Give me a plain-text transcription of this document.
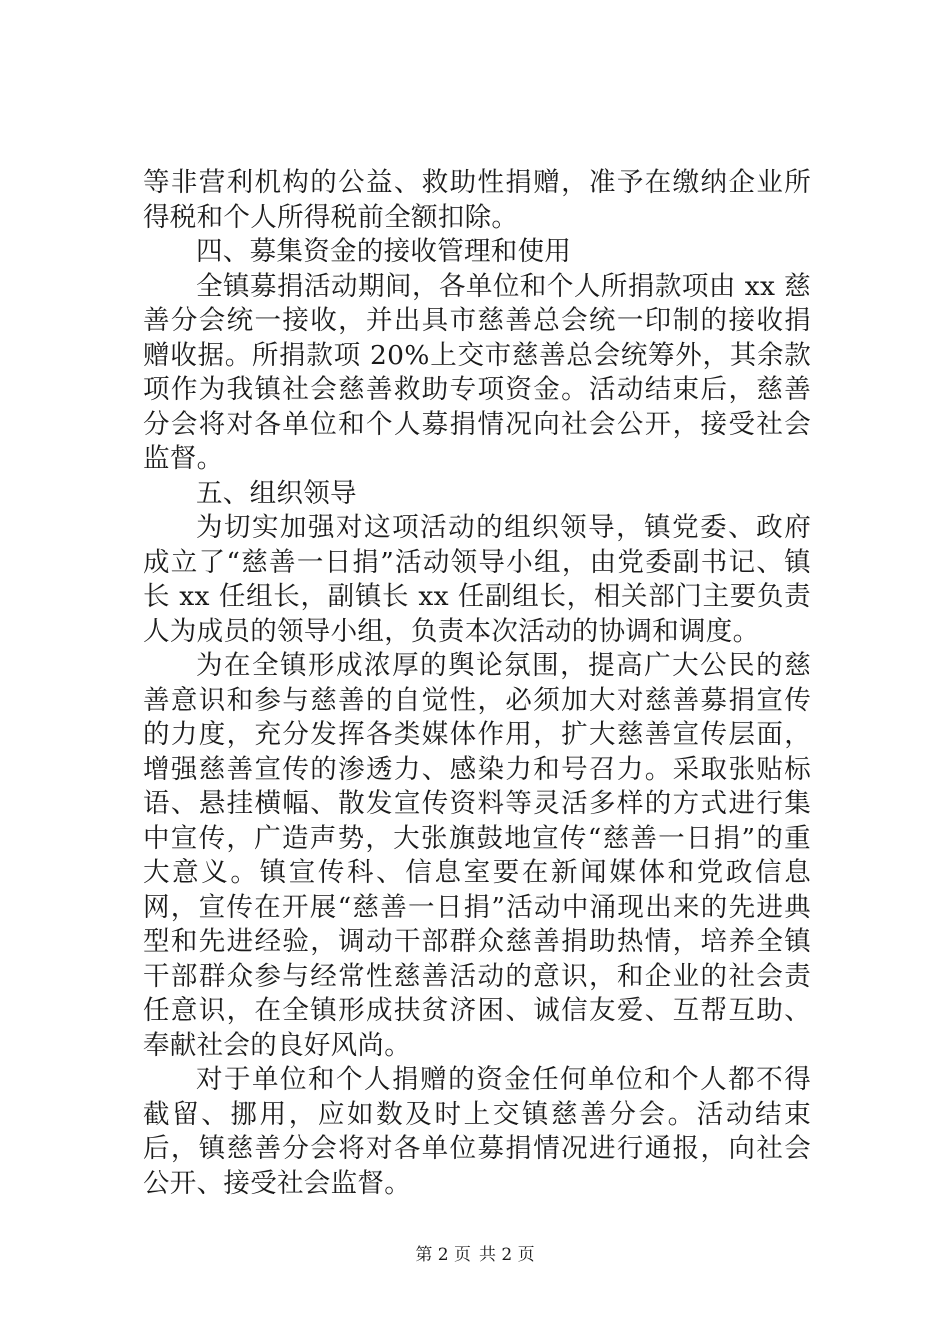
等非营利机构的公益、救助性捐赠，准予在缴纳企业所得税和个人所得税前全额扣除。

四、募集资金的接收管理和使用

全镇募捐活动期间，各单位和个人所捐款项由 xx 慈善分会统一接收，并出具市慈善总会统一印制的接收捐赠收据。所捐款项 20%上交市慈善总会统筹外，其余款项作为我镇社会慈善救助专项资金。活动结束后，慈善分会将对各单位和个人募捐情况向社会公开，接受社会监督。

五、组织领导

为切实加强对这项活动的组织领导，镇党委、政府成立了“慈善一日捐”活动领导小组，由党委副书记、镇长 xx 任组长，副镇长 xx 任副组长，相关部门主要负责人为成员的领导小组，负责本次活动的协调和调度。

为在全镇形成浓厚的舆论氛围，提高广大公民的慈善意识和参与慈善的自觉性，必须加大对慈善募捐宣传的力度，充分发挥各类媒体作用，扩大慈善宣传层面，增强慈善宣传的渗透力、感染力和号召力。采取张贴标语、悬挂横幅、散发宣传资料等灵活多样的方式进行集中宣传，广造声势，大张旗鼓地宣传“慈善一日捐”的重大意义。镇宣传科、信息室要在新闻媒体和党政信息网，宣传在开展“慈善一日捐”活动中涌现出来的先进典型和先进经验，调动干部群众慈善捐助热情，培养全镇干部群众参与经常性慈善活动的意识，和企业的社会责任意识，在全镇形成扶贫济困、诚信友爱、互帮互助、奉献社会的良好风尚。

对于单位和个人捐赠的资金任何单位和个人都不得截留、挪用，应如数及时上交镇慈善分会。活动结束后，镇慈善分会将对各单位募捐情况进行通报，向社会公开、接受社会监督。

第 2 页 共 2 页
